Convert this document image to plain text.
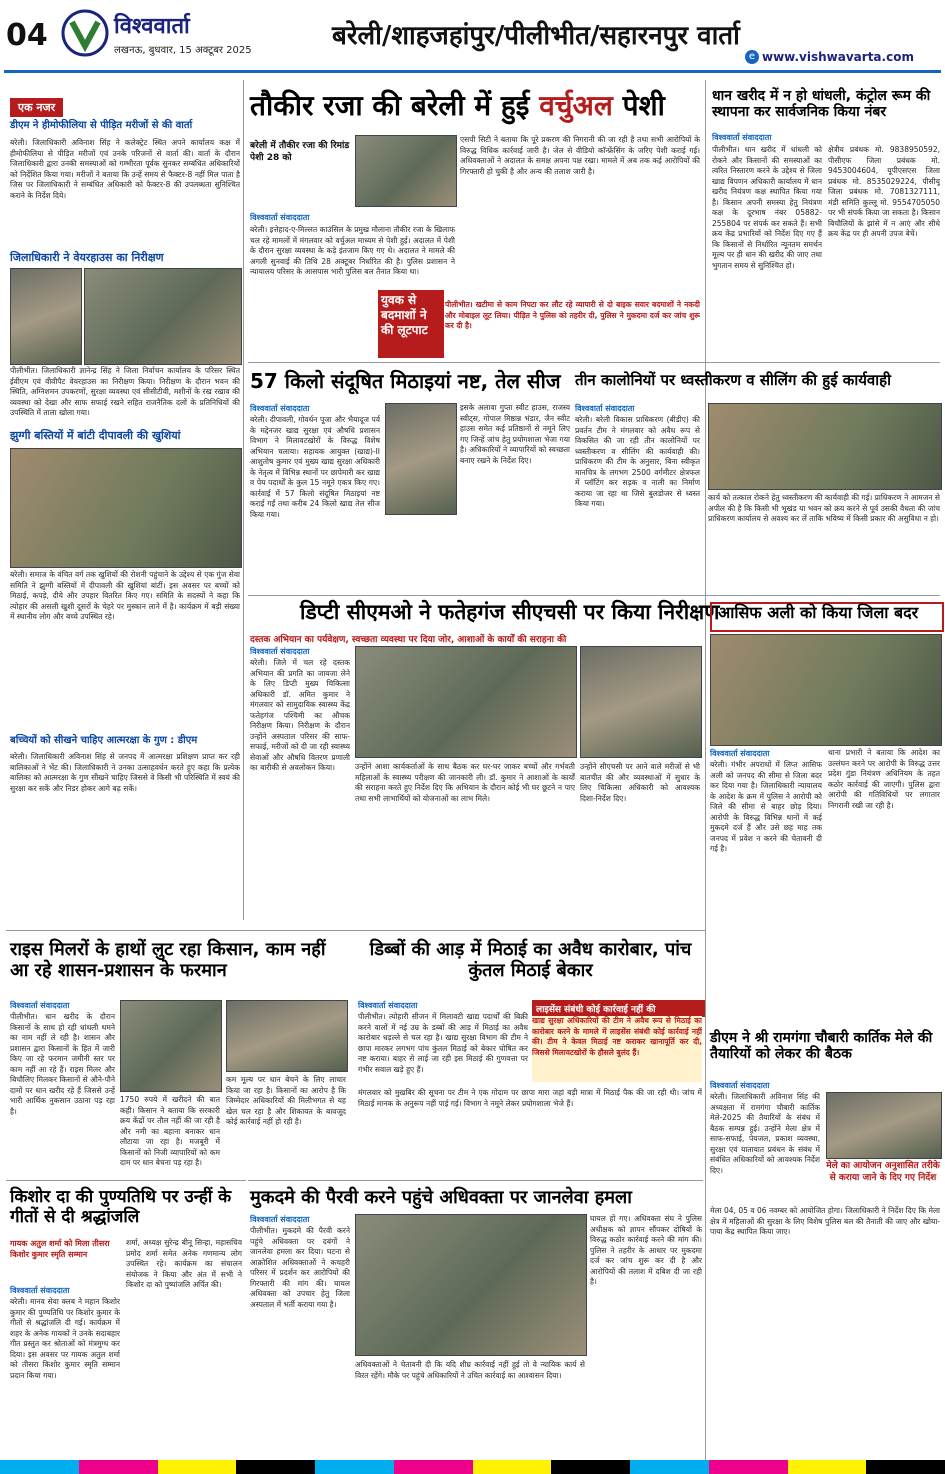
04	विश्ववार्ता
लखनऊ, बुधवार, 15 अक्टूबर 2025	बरेली/शाहजहांपुर/पीलीभीत/सहारनपुर वार्ता
e www.vishwavarta.com
एक नजर
डीएम ने हीमोफीलिया से पीड़ित मरीजों से की वार्ता
बरेली। जिलाधिकारी अविनाश सिंह ने कलेक्ट्रेट स्थित अपने कार्यालय कक्ष में हीमोफीलिया से पीड़ित मरीजों एवं उनके परिजनों से वार्ता की। वार्ता के दौरान जिलाधिकारी द्वारा उनकी समस्याओं को गम्भीरता पूर्वक सुनकर सम्बंधित अधिकारियों को निर्देशित किया गया। मरीजों ने बताया कि उन्हें समय से फैक्टर-8 नहीं मिल पाता है जिस पर जिलाधिकारी ने सम्बंधित अधिकारी को फैक्टर-8 की उपलब्धता सुनिश्चित कराने के निर्देश दिये।
जिलाधिकारी ने वेयरहाउस का निरीक्षण
पीलीभीत। जिलाधिकारी ज्ञानेन्द्र सिंह ने जिला निर्वाचन कार्यालय के परिसर स्थित ईवीएम एवं वीवीपैट वेयरहाउस का निरीक्षण किया। निरीक्षण के दौरान भवन की स्थिति, अग्निशमन उपकरणों, सुरक्षा व्यवस्था एवं सीसीटीवी, मशीनों के रख रखाव की व्यवस्था को देखा और साफ सफाई रखने सहित राजनैतिक दलों के प्रतिनिधियों की उपस्थिति में ताला खोला गया।
झुग्गी बस्तियों में बांटी दीपावली की खुशियां
बरेली। समाज के वंचित वर्ग तक खुशियों की रोशनी पहुंचाने के उद्देश्य से एक गुंज सेवा समिति ने झुग्गी बस्तियों में दीपावली की खुशियां बांटीं। इस अवसर पर बच्चों को मिठाई, कपड़े, दीये और उपहार वितरित किए गए। समिति के सदस्यों ने कहा कि त्योहार की असली खुशी दूसरों के चेहरे पर मुस्कान लाने में है। कार्यक्रम में बड़ी संख्या में स्थानीय लोग और बच्चे उपस्थित रहे।
बच्चियों को सीखने चाहिए आत्मरक्षा के गुण : डीएम
बरेली। जिलाधिकारी अविनाश सिंह से जनपद में आत्मरक्षा प्रशिक्षण प्राप्त कर रही बालिकाओं ने भेंट की। जिलाधिकारी ने उनका उत्साहवर्धन करते हुए कहा कि प्रत्येक बालिका को आत्मरक्षा के गुण सीखने चाहिए जिससे वे किसी भी परिस्थिति में स्वयं की सुरक्षा कर सकें और निडर होकर आगे बढ़ सकें।
तौकीर रजा की बरेली में हुई वर्चुअल पेशी
बरेली में तौकीर रजा की रिमांड पेशी 28 को
विश्ववार्ता संवाददाता
बरेली। इत्तेहाद-ए-मिल्लत काउंसिल के प्रमुख मौलाना तौकीर रजा के खिलाफ चल रहे मामलों में मंगलवार को वर्चुअल माध्यम से पेशी हुई। अदालत में पेशी के दौरान सुरक्षा व्यवस्था के कड़े इंतजाम किए गए थे। अदालत ने मामले की अगली सुनवाई की तिथि 28 अक्टूबर निर्धारित की है। पुलिस प्रशासन ने न्यायालय परिसर के आसपास भारी पुलिस बल तैनात किया था।
एसपी सिटी ने बताया कि पूरे प्रकरण की निगरानी की जा रही है तथा सभी आरोपियों के विरुद्ध विधिक कार्रवाई जारी है। जेल से वीडियो कॉन्फ्रेंसिंग के जरिए पेशी कराई गई। अधिवक्ताओं ने अदालत के समक्ष अपना पक्ष रखा। मामले में अब तक कई आरोपियों की गिरफ्तारी हो चुकी है और अन्य की तलाश जारी है।
युवक से बदमाशों ने की लूटपाट
पीलीभीत। खटीमा से काम निपटा कर लौट रहे व्यापारी से दो बाइक सवार बदमाशों ने नकदी और मोबाइल लूट लिया। पीड़ित ने पुलिस को तहरीर दी, पुलिस ने मुकदमा दर्ज कर जांच शुरू कर दी है।
धान खरीद में न हो धांधली, कंट्रोल रूम की स्थापना कर सार्वजनिक किया नंबर
विश्ववार्ता संवाददाता
पीलीभीत। धान खरीद में धांधली को रोकने और किसानों की समस्याओं का त्वरित निस्तारण करने के उद्देश्य से जिला खाद्य विपणन अधिकारी कार्यालय में धान खरीद नियंत्रण कक्ष स्थापित किया गया है। किसान अपनी समस्या हेतु नियंत्रण कक्ष के दूरभाष नंबर 05882-255804 पर संपर्क कर सकते हैं। सभी क्रय केंद्र प्रभारियों को निर्देश दिए गए हैं कि किसानों से निर्धारित न्यूनतम समर्थन मूल्य पर ही धान की खरीद की जाए तथा भुगतान समय से सुनिश्चित हो।
क्षेत्रीय प्रबंधक मो. 9838950592, पीसीएफ जिला प्रबंधक मो. 9453004604, यूपीएसएस जिला प्रबंधक मो. 8535029224, पीसीयू जिला प्रबंधक मो. 7081327111, मंडी समिति कुल्लू मो. 9554705050 पर भी संपर्क किया जा सकता है। किसान बिचौलियों के झांसे में न आएं और सीधे क्रय केंद्र पर ही अपनी उपज बेचें।
57 किलो संदूषित मिठाइयां नष्ट, तेल सीज
विश्ववार्ता संवाददाता
बरेली। दीपावली, गोवर्धन पूजा और भैयादूज पर्व के मद्देनजर खाद्य सुरक्षा एवं औषधि प्रशासन विभाग ने मिलावटखोरों के विरुद्ध विशेष अभियान चलाया। सहायक आयुक्त (खाद्य)-II आशुतोष कुमार एवं मुख्य खाद्य सुरक्षा अधिकारी के नेतृत्व में विभिन्न स्थानों पर छापेमारी कर खाद्य व पेय पदार्थों के कुल 15 नमूने एकत्र किए गए। कार्रवाई में 57 किलो संदूषित मिठाइयां नष्ट कराई गईं तथा करीब 24 किलो खाद्य तेल सीज किया गया।
इसके अलावा गुप्ता स्वीट हाउस, राजस्व स्वीट्स, गोपाल मिष्ठान्न भंडार, जैन स्वीट हाउस समेत कई प्रतिष्ठानों से नमूने लिए गए जिन्हें जांच हेतु प्रयोगशाला भेजा गया है। अधिकारियों ने व्यापारियों को स्वच्छता बनाए रखने के निर्देश दिए।
तीन कालोनियों पर ध्वस्तीकरण व सीलिंग की हुई कार्यवाही
विश्ववार्ता संवाददाता
बरेली। बरेली विकास प्राधिकरण (बीडीए) की प्रवर्तन टीम ने मंगलवार को अवैध रूप से विकसित की जा रही तीन कालोनियों पर ध्वस्तीकरण व सीलिंग की कार्यवाही की। प्राधिकरण की टीम के अनुसार, बिना स्वीकृत मानचित्र के लगभग 2500 वर्गमीटर क्षेत्रफल में प्लॉटिंग कर सड़क व नाली का निर्माण कराया जा रहा था जिसे बुलडोजर से ध्वस्त किया गया।
कार्य को तत्काल रोकने हेतु ध्वस्तीकरण की कार्यवाही की गई। प्राधिकरण ने आमजन से अपील की है कि किसी भी भूखंड या भवन को क्रय करने से पूर्व उसकी वैधता की जांच प्राधिकरण कार्यालय से अवश्य कर लें ताकि भविष्य में किसी प्रकार की असुविधा न हो।
डिप्टी सीएमओ ने फतेहगंज सीएचसी पर किया निरीक्षण
दस्तक अभियान का पर्यवेक्षण, स्वच्छता व्यवस्था पर दिया जोर, आशाओं के कार्यों की सराहना की
विश्ववार्ता संवाददाता
बरेली। जिले में चल रहे दस्तक अभियान की प्रगति का जायजा लेने के लिए डिप्टी मुख्य चिकित्सा अधिकारी डॉ. अमित कुमार ने मंगलवार को सामुदायिक स्वास्थ्य केंद्र फतेहगंज पश्चिमी का औचक निरीक्षण किया। निरीक्षण के दौरान उन्होंने अस्पताल परिसर की साफ-सफाई, मरीजों को दी जा रही स्वास्थ्य सेवाओं और औषधि वितरण प्रणाली का बारीकी से अवलोकन किया।	उन्होंने आशा कार्यकर्ताओं के साथ बैठक कर घर-घर जाकर बच्चों और गर्भवती महिलाओं के स्वास्थ्य परीक्षण की जानकारी ली। डॉ. कुमार ने आशाओं के कार्यों की सराहना करते हुए निर्देश दिए कि अभियान के दौरान कोई भी घर छूटने न पाए तथा सभी लाभार्थियों को योजनाओं का लाभ मिले।
उन्होंने सीएचसी पर आने वाले मरीजों से भी बातचीत की और व्यवस्थाओं में सुधार के लिए चिकित्सा अधिकारी को आवश्यक दिशा-निर्देश दिए।
आसिफ अली को किया जिला बदर
विश्ववार्ता संवाददाता
बरेली। गंभीर अपराधों में लिप्त आसिफ अली को जनपद की सीमा से जिला बदर कर दिया गया है। जिलाधिकारी न्यायालय के आदेश के क्रम में पुलिस ने आरोपी को जिले की सीमा से बाहर छोड़ दिया। आरोपी के विरुद्ध विभिन्न थानों में कई मुकदमे दर्ज हैं और उसे छह माह तक जनपद में प्रवेश न करने की चेतावनी दी गई है।
थाना प्रभारी ने बताया कि आदेश का उल्लंघन करने पर आरोपी के विरुद्ध उत्तर प्रदेश गुंडा नियंत्रण अधिनियम के तहत कठोर कार्रवाई की जाएगी। पुलिस द्वारा आरोपी की गतिविधियों पर लगातार निगरानी रखी जा रही है।
राइस मिलरों के हाथों लुट रहा किसान, काम नहीं आ रहे शासन-प्रशासन के फरमान
विश्ववार्ता संवाददाता
पीलीभीत। धान खरीद के दौरान किसानों के साथ हो रही धांधली थमने का नाम नहीं ले रही है। शासन और प्रशासन द्वारा किसानों के हित में जारी किए जा रहे फरमान जमीनी स्तर पर काम नहीं आ रहे हैं। राइस मिलर और बिचौलिए मिलकर किसानों से औने-पौने दामों पर धान खरीद रहे हैं जिससे उन्हें भारी आर्थिक नुकसान उठाना पड़ रहा है।
1750 रुपये में खरीदने की बात कही। किसान ने बताया कि सरकारी क्रय केंद्रों पर तौल नहीं की जा रही है और नमी का बहाना बनाकर धान लौटाया जा रहा है। मजबूरी में किसानों को निजी व्यापारियों को कम दाम पर धान बेचना पड़ रहा है।
कम मूल्य पर धान बेचने के लिए लाचार किया जा रहा है। किसानों का आरोप है कि जिम्मेदार अधिकारियों की मिलीभगत से यह खेल चल रहा है और शिकायत के बावजूद कोई कार्रवाई नहीं हो रही है।
डिब्बों की आड़ में मिठाई का अवैध कारोबार, पांच कुंतल मिठाई बेकार
विश्ववार्ता संवाददाता
पीलीभीत। त्योहारी सीजन में मिलावटी खाद्य पदार्थों की बिक्री करने वालों में नई उम्र के डब्बों की आड़ में मिठाई का अवैध कारोबार धड़ल्ले से चल रहा है। खाद्य सुरक्षा विभाग की टीम ने छापा मारकर लगभग पांच कुंतल मिठाई को बेकार घोषित कर नष्ट कराया। बाहर से लाई जा रही इस मिठाई की गुणवत्ता पर गंभीर सवाल खड़े हुए हैं।
लाइसेंस संबंधी कोई कार्रवाई नहीं की
खाद्य सुरक्षा अधिकारियों की टीम ने अवैध रूप से मिठाई का कारोबार करने के मामले में लाइसेंस संबंधी कोई कार्रवाई नहीं की। टीम ने केवल मिठाई नष्ट कराकर खानापूर्ति कर दी, जिससे मिलावटखोरों के हौसले बुलंद हैं।
मंगलवार को मुखबिर की सूचना पर टीम ने एक गोदाम पर छापा मारा जहां बड़ी मात्रा में मिठाई पैक की जा रही थी। जांच में मिठाई मानक के अनुरूप नहीं पाई गई। विभाग ने नमूने लेकर प्रयोगशाला भेजे हैं।
डीएम ने श्री रामगंगा चौबारी कार्तिक मेले की तैयारियों को लेकर की बैठक
विश्ववार्ता संवाददाता
बरेली। जिलाधिकारी अविनाश सिंह की अध्यक्षता में रामगंगा चौबारी कार्तिक मेले-2025 की तैयारियों के संबंध में बैठक सम्पन्न हुई। उन्होंने मेला क्षेत्र में साफ-सफाई, पेयजल, प्रकाश व्यवस्था, सुरक्षा एवं यातायात प्रबंधन के संबंध में संबंधित अधिकारियों को आवश्यक निर्देश दिए।	मेले का आयोजन अनुशासित तरीके से कराया जाने के दिए गए निर्देश
मेला 04, 05 व 06 नवम्बर को आयोजित होगा। जिलाधिकारी ने निर्देश दिए कि मेला क्षेत्र में महिलाओं की सुरक्षा के लिए विशेष पुलिस बल की तैनाती की जाए और खोया-पाया केंद्र स्थापित किया जाए।
किशोर दा की पुण्यतिथि पर उन्हीं के गीतों से दी श्रद्धांजलि
गायक अतुल शर्मा को मिला तीसरा किशोर कुमार स्मृति सम्मान
विश्ववार्ता संवाददाता
बरेली। मानव सेवा क्लब ने महान किशोर कुमार की पुण्यतिथि पर किशोर कुमार के गीतों से श्रद्धांजलि दी गई। कार्यक्रम में शहर के अनेक गायकों ने उनके सदाबहार गीत प्रस्तुत कर श्रोताओं को मंत्रमुग्ध कर दिया। इस अवसर पर गायक अतुल शर्मा को तीसरा किशोर कुमार स्मृति सम्मान प्रदान किया गया।
शर्मा, अध्यक्ष सुरेन्द्र बीनू सिन्हा, महासचिव प्रमोद शर्मा समेत अनेक गणमान्य लोग उपस्थित रहे। कार्यक्रम का संचालन संयोजक ने किया और अंत में सभी ने किशोर दा को पुष्पांजलि अर्पित की।
मुकदमे की पैरवी करने पहुंचे अधिवक्ता पर जानलेवा हमला
विश्ववार्ता संवाददाता
पीलीभीत। मुकदमे की पैरवी करने पहुंचे अधिवक्ता पर दबंगों ने जानलेवा हमला कर दिया। घटना से आक्रोशित अधिवक्ताओं ने कचहरी परिसर में प्रदर्शन कर आरोपियों की गिरफ्तारी की मांग की। घायल अधिवक्ता को उपचार हेतु जिला अस्पताल में भर्ती कराया गया है।
अधिवक्ताओं ने चेतावनी दी कि यदि शीघ्र कार्रवाई नहीं हुई तो वे न्यायिक कार्य से विरत रहेंगे। मौके पर पहुंचे अधिकारियों ने उचित कार्रवाई का आश्वासन दिया।
घायल हो गए। अधिवक्ता संघ ने पुलिस अधीक्षक को ज्ञापन सौंपकर दोषियों के विरुद्ध कठोर कार्रवाई करने की मांग की। पुलिस ने तहरीर के आधार पर मुकदमा दर्ज कर जांच शुरू कर दी है और आरोपियों की तलाश में दबिश दी जा रही है।
